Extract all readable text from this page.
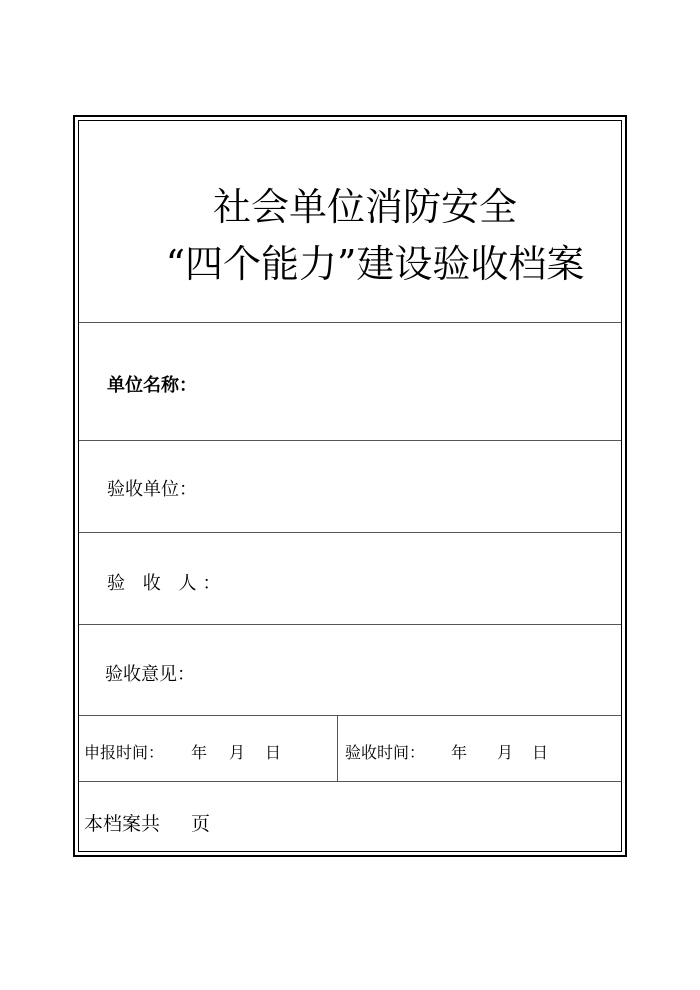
社会单位消防安全
“四个能力”建设验收档案
单位名称：
验收单位：
验 收 人：
验收意见：
申报时间： 年 月 日	验收时间： 年 月 日
本档案共 页
